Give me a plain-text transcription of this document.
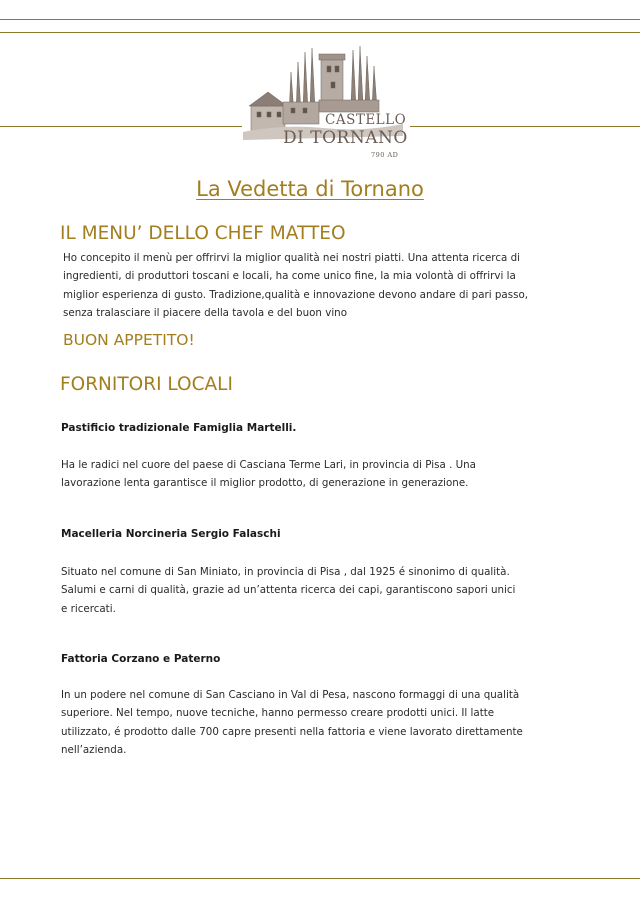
CASTELLO
DI TORNANO
790 AD
La Vedetta di Tornano
IL MENU’ DELLO CHEF MATTEO

Ho concepito il menù per offrirvi la miglior qualità nei nostri piatti. Una attenta ricerca di
ingredienti, di produttori toscani e locali, ha come unico fine, la mia volontà di offrirvi la
miglior esperienza di gusto. Tradizione,qualità e innovazione devono andare di pari passo,
senza tralasciare il piacere della tavola e del buon vino

BUON APPETITO!
FORNITORI LOCALI

Pastificio tradizionale Famiglia Martelli.

Ha le radici nel cuore del paese di Casciana Terme Lari, in provincia di Pisa . Una
lavorazione lenta garantisce il miglior prodotto, di generazione in generazione.

Macelleria Norcineria Sergio Falaschi

Situato nel comune di San Miniato, in provincia di Pisa , dal 1925 é sinonimo di qualità.
Salumi e carni di qualità, grazie ad un’attenta ricerca dei capi, garantiscono sapori unici
e ricercati.

Fattoria Corzano e Paterno

In un podere nel comune di San Casciano in Val di Pesa, nascono formaggi di una qualità
superiore. Nel tempo, nuove tecniche, hanno permesso creare prodotti unici. Il latte
utilizzato, é prodotto dalle 700 capre presenti nella fattoria e viene lavorato direttamente
nell’azienda.
